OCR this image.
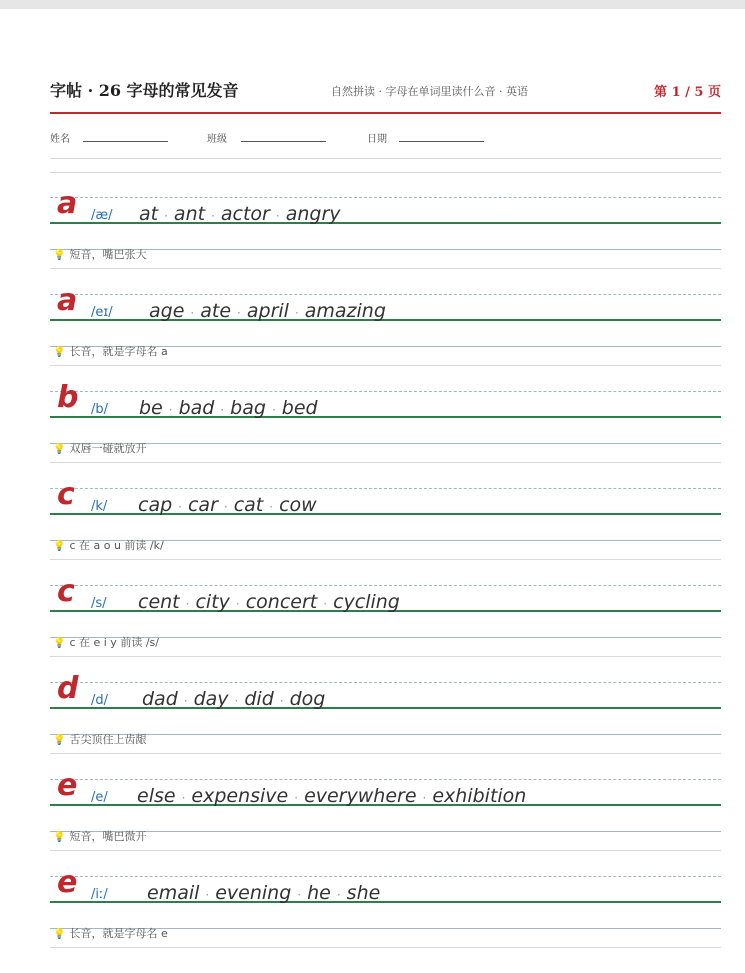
字帖 · 26 字母的常见发音	自然拼读 · 字母在单词里读什么音 · 英语	第 1 / 5 页
姓名	班级	日期
a /æ/ at · ant · actor · angry
💡 短音，嘴巴张大
a /eɪ/ age · ate · april · amazing
💡 长音，就是字母名 a
b /b/ be · bad · bag · bed
💡 双唇一碰就放开
c /k/ cap · car · cat · cow
💡 c 在 a o u 前读 /k/
c /s/ cent · city · concert · cycling
💡 c 在 e i y 前读 /s/
d /d/ dad · day · did · dog
💡 舌尖顶住上齿龈
e /e/ else · expensive · everywhere · exhibition
💡 短音，嘴巴微开
e /iː/ email · evening · he · she
💡 长音，就是字母名 e
